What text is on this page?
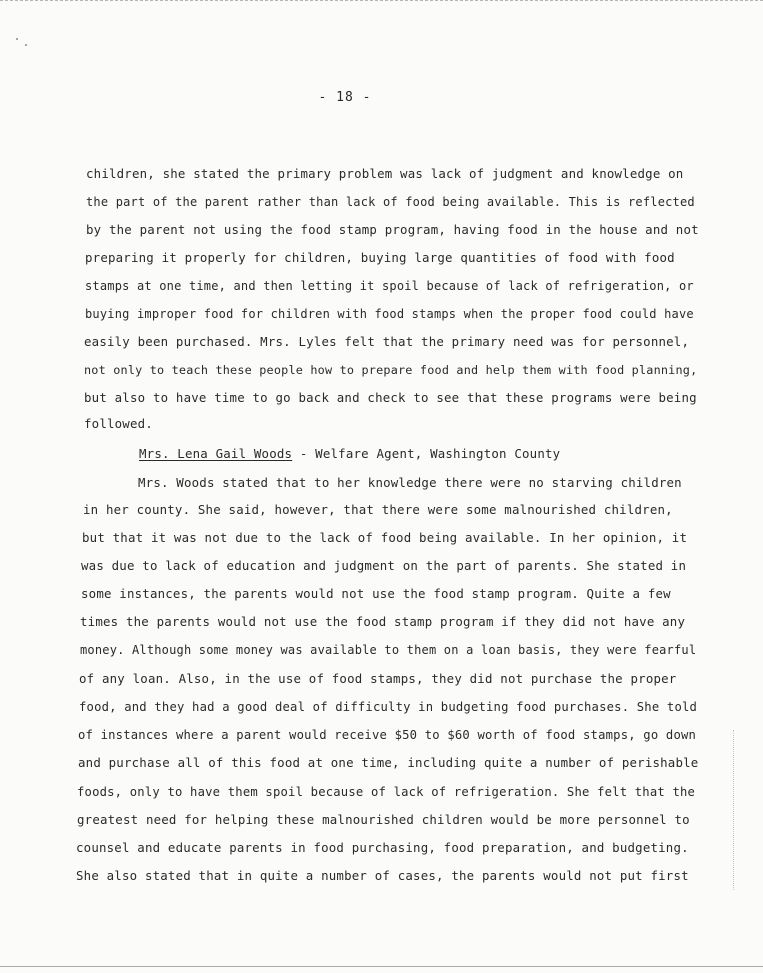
- 18 -
children, she stated the primary problem was lack of judgment and knowledge on
the part of the parent rather than lack of food being available. This is reflected
by the parent not using the food stamp program, having food in the house and not
preparing it properly for children, buying large quantities of food with food
stamps at one time, and then letting it spoil because of lack of refrigeration, or
buying improper food for children with food stamps when the proper food could have
easily been purchased. Mrs. Lyles felt that the primary need was for personnel,
not only to teach these people how to prepare food and help them with food planning,
but also to have time to go back and check to see that these programs were being
followed.
Mrs. Lena Gail Woods - Welfare Agent, Washington County
Mrs. Woods stated that to her knowledge there were no starving children
in her county. She said, however, that there were some malnourished children,
but that it was not due to the lack of food being available. In her opinion, it
was due to lack of education and judgment on the part of parents. She stated in
some instances, the parents would not use the food stamp program. Quite a few
times the parents would not use the food stamp program if they did not have any
money. Although some money was available to them on a loan basis, they were fearful
of any loan. Also, in the use of food stamps, they did not purchase the proper
food, and they had a good deal of difficulty in budgeting food purchases. She told
of instances where a parent would receive $50 to $60 worth of food stamps, go down
and purchase all of this food at one time, including quite a number of perishable
foods, only to have them spoil because of lack of refrigeration. She felt that the
greatest need for helping these malnourished children would be more personnel to
counsel and educate parents in food purchasing, food preparation, and budgeting.
She also stated that in quite a number of cases, the parents would not put first
